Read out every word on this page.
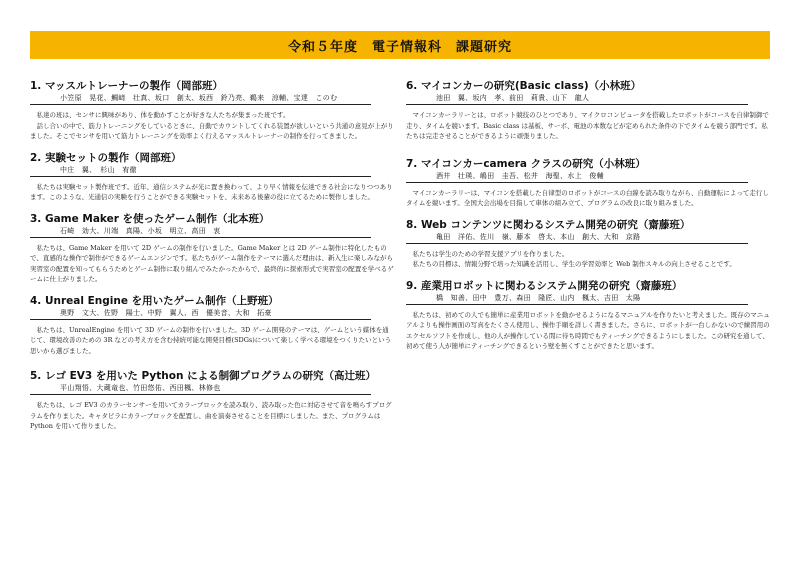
令和５年度　電子情報科　課題研究
1. マッスルトレーナーの製作（岡部班）
小笠原　晃花、鯛﨑　壮真、坂口　創太、坂西　鈴乃亮、鵜来　涼輔、宝達　このむ

私達の班は、センサに興味があり、体を動かすことが好きな人たちが集まった班です。

話し合いの中で、筋力トレーニングをしているときに、自動でカウントしてくれる装置が欲しいという共通の意見が上がりました。そこでセンサを用いて筋力トレーニングを効率よく行えるマッスルトレーナーの制作を行ってきました。

2. 実験セットの製作（岡部班）
中庄　翼、　杉山　宥徹

私たちは実験セット製作班です。近年、通信システムが光に置き換わって、より早く情報を伝達できる社会になりつつあります。このような、光通信の実験を行うことができる実験セットを、未来ある後輩の役に立てるために製作しました。

3. Game Maker を使ったゲーム制作（北本班）
石崎　効大、川端　真陽、小坂　明立、高田　衷

私たちは、Game Maker を用いて 2D ゲームの制作を行いました。Game Maker とは 2D ゲーム制作に特化したもので、直感的な操作で制作ができるゲームエンジンです。私たちがゲーム制作をテーマに選んだ理由は、新入生に楽しみながら実習室の配置を知ってもらうためとゲーム制作に取り組んでみたかったからで、最終的に探索形式で実習室の配置を学べるゲームに仕上がりました。

4. Unreal Engine を用いたゲーム制作（上野班）
奥野　文大、佐野　陽士、中野　翼人、西　優美音、大和　拓豪

私たちは、UnrealEngine を用いて 3D ゲームの制作を行いました。3D ゲーム開発のテーマは、ゲームという媒体を通じて、環境改善のための 3R などの考え方を含む持続可能な開発目標(SDGs)について楽しく学べる環境をつくりたいという思いから選びました。

5. レゴ EV3 を用いた Python による制御プログラムの研究（高辻班）
平山翔悟、大蔵竜也、竹田悠佑、西田楓、林修也

私たちは、レゴ EV3 のカラーセンサーを用いてカラーブロックを読み取り、読み取った色に対応させて音を鳴らすプログラムを作りました。キャタピラにカラーブロックを配置し、曲を演奏させることを目標にしました。また、プログラムは Python を用いて作りました。

6. マイコンカーの研究(Basic class)（小林班）
池田　翼、坂内　孝、前田　莉貴、山下　龍人

マイコンカーラリーとは、ロボット競技のひとつであり、マイクロコンピュータを搭載したロボットがコースを自律制御で走り、タイムを競います。Basic class は基板、サーボ、電池の本数などが定められた条件の下でタイムを競う部門です。私たちは完走させることができるように頑張りました。

7. マイコンカーcamera クラスの研究（小林班）
酒井　壮瑛、嶋田　圭吾、松井　海聖、水上　俊輔

マイコンカーラリーは、マイコンを搭載した自律型のロボットがコースの白線を読み取りながら、自動運転によって走行しタイムを競います。全国大会出場を目指して車体の組み立て、プログラムの改良に取り組みました。

8. Web コンテンツに関わるシステム開発の研究（齋藤班）
亀田　洋佑、佐川　嶺、藤本　啓太、本山　創大、大和　京路

私たちは学生のための学習支援アプリを作りました。

私たちの目標は、情報分野で培った知識を活用し、学生の学習効率と Web 制作スキルの向上させることです。

9. 産業用ロボットに関わるシステム開発の研究（齋藤班）
橋　知善、田中　豊万、森田　隆匠、山内　楓太、吉田　太陽

私たちは、初めての人でも簡単に産業用ロボットを動かせるようになるマニュアルを作りたいと考えました。既存のマニュアルよりも操作画面の写真をたくさん使用し、操作手順を詳しく書きました。さらに、ロボットが一台しかないので練習用のエクセルソフトを作成し、他の人が操作している間に待ち時間でもティーチングできるようにしました。この研究を通して、初めて使う人が簡単にティーチングできるという壁を無くすことができたと思います。
